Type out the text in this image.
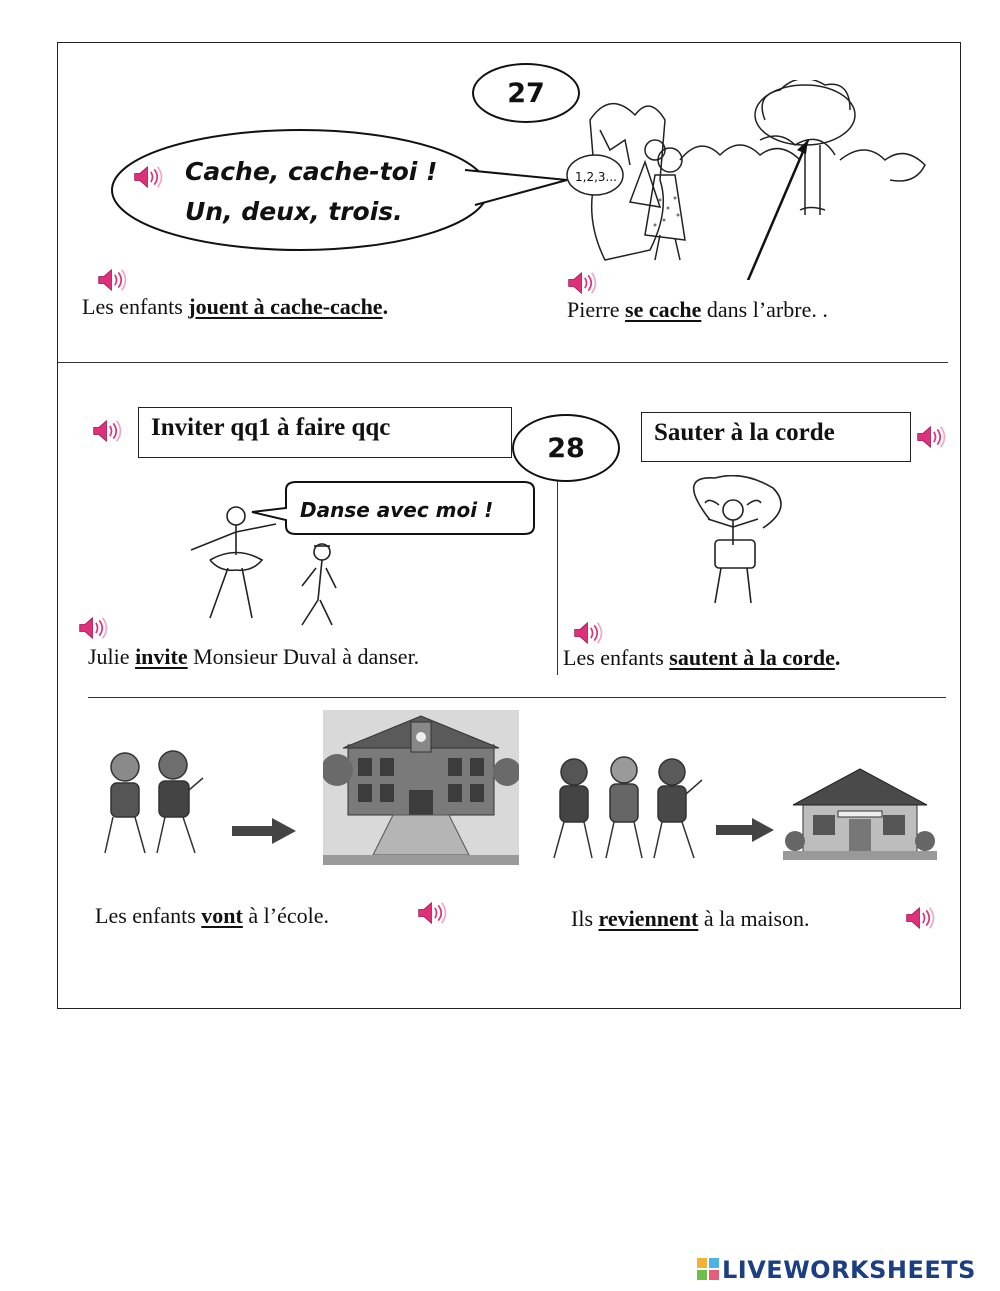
27
Cache, cache-toi !
Un, deux, trois.
1,2,3...
Les enfants jouent à cache-cache.	Pierre se cache dans l’arbre. .
Inviter qq1 à faire qqc
28	Sauter à la corde
Danse avec moi !
Julie invite Monsieur Duval à danser.	Les enfants sautent à la corde.
Les enfants vont à l’école.	Ils reviennent à la maison.
LIVEWORKSHEETS
